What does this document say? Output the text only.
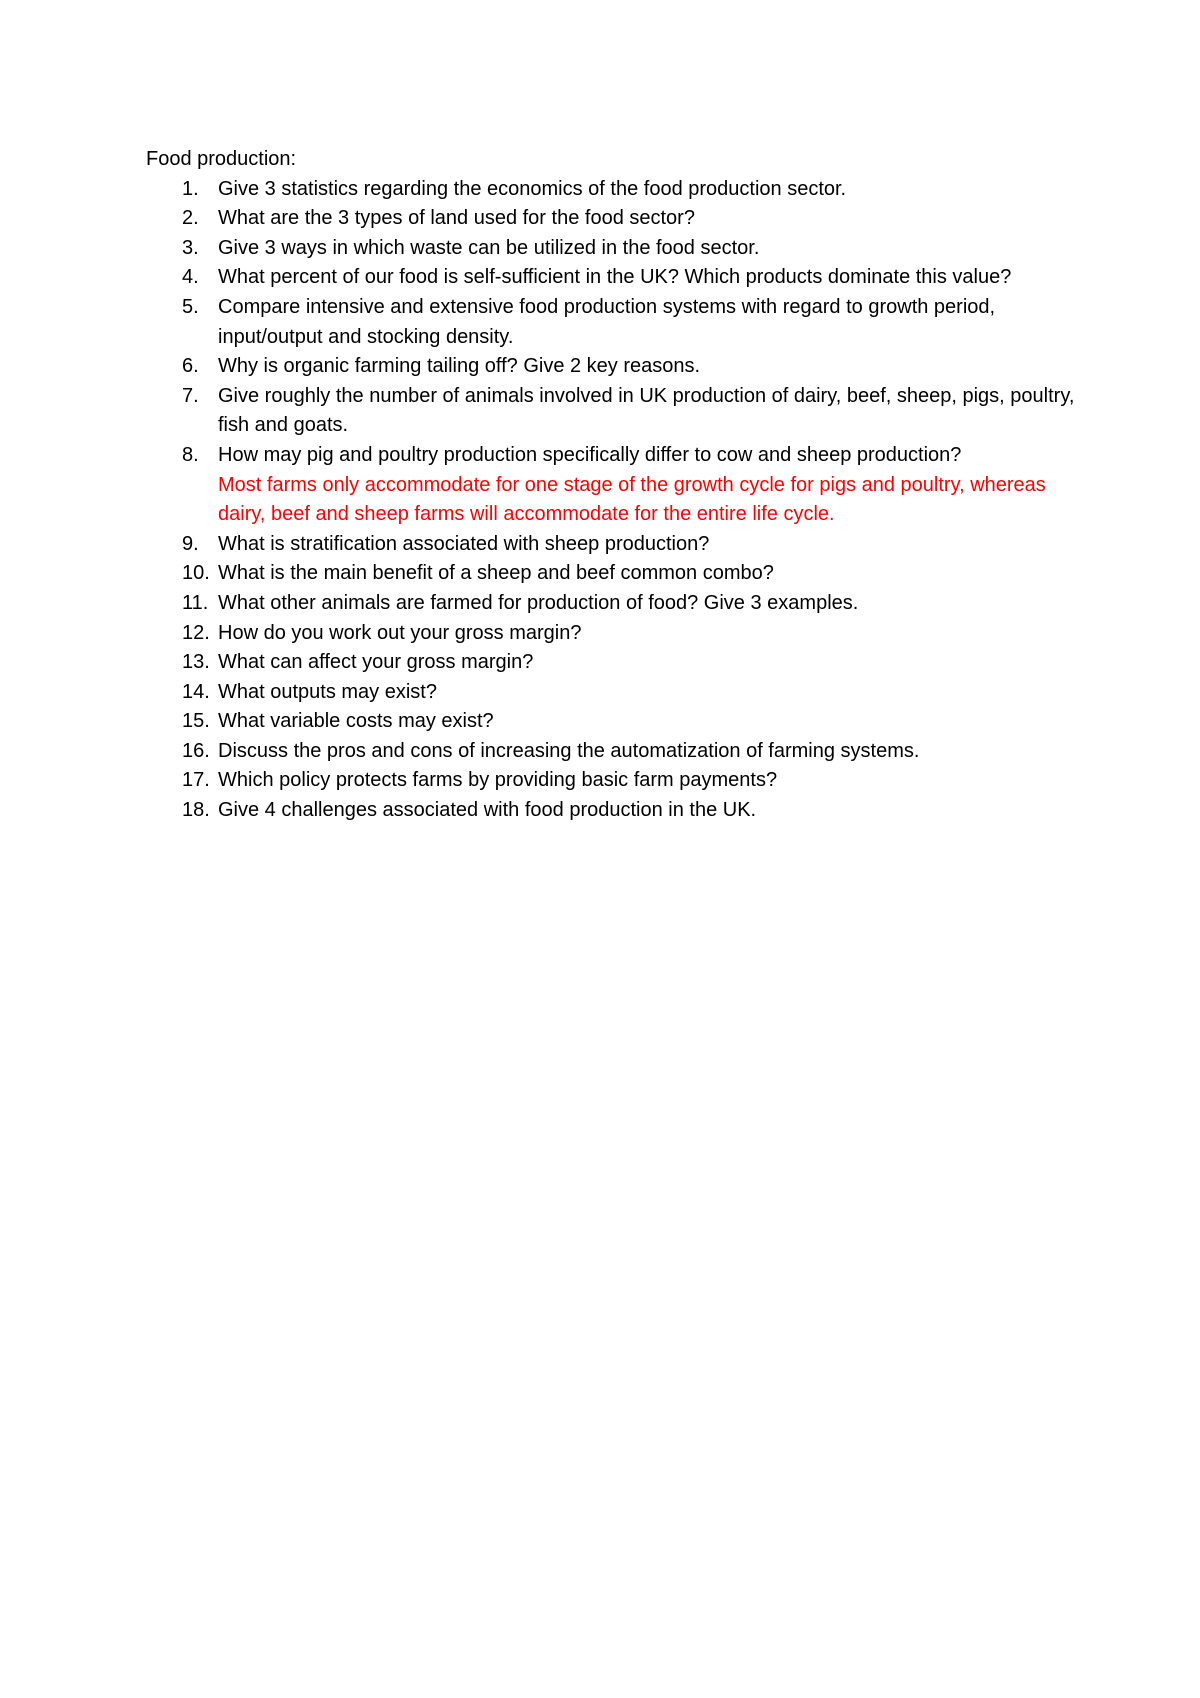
Food production:

1. Give 3 statistics regarding the economics of the food production sector.
2. What are the 3 types of land used for the food sector?
3. Give 3 ways in which waste can be utilized in the food sector.
4. What percent of our food is self-sufficient in the UK? Which products dominate this value?
5. Compare intensive and extensive food production systems with regard to growth period, input/output and stocking density.
6. Why is organic farming tailing off? Give 2 key reasons.
7. Give roughly the number of animals involved in UK production of dairy, beef, sheep, pigs, poultry, fish and goats.
8. How may pig and poultry production specifically differ to cow and sheep production?
Most farms only accommodate for one stage of the growth cycle for pigs and poultry, whereas dairy, beef and sheep farms will accommodate for the entire life cycle.
9. What is stratification associated with sheep production?
10. What is the main benefit of a sheep and beef common combo?
11. What other animals are farmed for production of food? Give 3 examples.
12. How do you work out your gross margin?
13. What can affect your gross margin?
14. What outputs may exist?
15. What variable costs may exist?
16. Discuss the pros and cons of increasing the automatization of farming systems.
17. Which policy protects farms by providing basic farm payments?
18. Give 4 challenges associated with food production in the UK.
